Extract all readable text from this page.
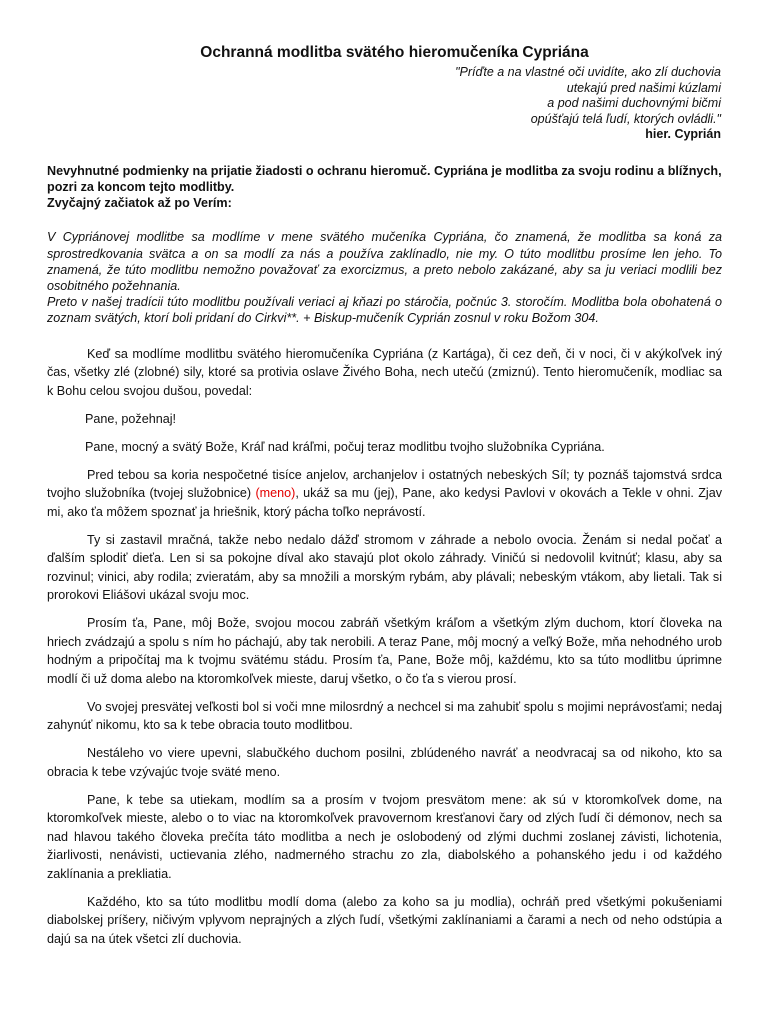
Ochranná modlitba svätého hieromučeníka Cypriána
"Príďte a na vlastné oči uvidíte, ako zlí duchovia
utekajú pred našimi kúzlami
a pod našimi duchovnými bičmi
opúšťajú telá ľudí, ktorých ovládli."
hier. Cyprián
Nevyhnutné podmienky na prijatie žiadosti o ochranu hieromuč. Cypriána je modlitba za svoju rodinu a blížnych, pozri za koncom tejto modlitby.
Zvyčajný začiatok až po Verím:

V Cypriánovej modlitbe sa modlíme v mene svätého mučeníka Cypriána, čo znamená, že modlitba sa koná za sprostredkovania svätca a on sa modlí za nás a používa zaklínadlo, nie my. O túto modlitbu prosíme len jeho. To znamená, že túto modlitbu nemožno považovať za exorcizmus, a preto nebolo zakázané, aby sa ju veriaci modlili bez osobitného požehnania.

Preto v našej tradícii túto modlitbu používali veriaci aj kňazi po stáročia, počnúc 3. storočím. Modlitba bola obohatená o zoznam svätých, ktorí boli pridaní do Cirkvi**. + Biskup-mučeník Cyprián zosnul v roku Božom 304.

Keď sa modlíme modlitbu svätého hieromučeníka Cypriána (z Kartága), či cez deň, či v noci, či v akýkoľvek iný čas, všetky zlé (zlobné) sily, ktoré sa protivia oslave Živého Boha, nech utečú (zmiznú). Tento hieromučeník, modliac sa k Bohu celou svojou dušou, povedal:

Pane, požehnaj!

Pane, mocný a svätý Bože, Kráľ nad kráľmi, počuj teraz modlitbu tvojho služobníka Cypriána.

Pred tebou sa koria nespočetné tisíce anjelov, archanjelov i ostatných nebeských Síl; ty poznáš tajomstvá srdca tvojho služobníka (tvojej služobnice) (meno), ukáž sa mu (jej), Pane, ako kedysi Pavlovi v okovách a Tekle v ohni. Zjav mi, ako ťa môžem spoznať ja hriešnik, ktorý pácha toľko neprávostí.

Ty si zastavil mračná, takže nebo nedalo dážď stromom v záhrade a nebolo ovocia. Ženám si nedal počať a ďalším splodiť dieťa. Len si sa pokojne díval ako stavajú plot okolo záhrady. Viničú si nedovolil kvitnúť; klasu, aby sa rozvinul; vinici, aby rodila; zvieratám, aby sa množili a morským rybám, aby plávali; nebeským vtákom, aby lietali. Tak si prorokovi Eliášovi ukázal svoju moc.

Prosím ťa, Pane, môj Bože, svojou mocou zabráň všetkým kráľom a všetkým zlým duchom, ktorí človeka na hriech zvádzajú a spolu s ním ho páchajú, aby tak nerobili. A teraz Pane, môj mocný a veľký Bože, mňa nehodného urob hodným a pripočítaj ma k tvojmu svätému stádu. Prosím ťa, Pane, Bože môj, každému, kto sa túto modlitbu úprimne modlí či už doma alebo na ktoromkoľvek mieste, daruj všetko, o čo ťa s vierou prosí.

Vo svojej presvätej veľkosti bol si voči mne milosrdný a nechcel si ma zahubiť spolu s mojimi neprávosťami; nedaj zahynúť nikomu, kto sa k tebe obracia touto modlitbou.

Nestáleho vo viere upevni, slabučkého duchom posilni, zblúdeného navráť a neodvracaj sa od nikoho, kto sa obracia k tebe vzývajúc tvoje sväté meno.

Pane, k tebe sa utiekam, modlím sa a prosím v tvojom presvätom mene: ak sú v ktoromkoľvek dome, na ktoromkoľvek mieste, alebo o to viac na ktoromkoľvek pravovernom kresťanovi čary od zlých ľudí či démonov, nech sa nad hlavou takého človeka prečíta táto modlitba a nech je oslobodený od zlými duchmi zoslanej závisti, lichotenia, žiarlivosti, nenávisti, uctievania zlého, nadmerného strachu zo zla, diabolského a pohanského jedu i od každého zaklínania a prekliatia.

Každého, kto sa túto modlitbu modlí doma (alebo za koho sa ju modlia), ochráň pred všetkými pokušeniami diabolskej príšery, ničivým vplyvom neprajných a zlých ľudí, všetkými zaklínaniami a čarami a nech od neho odstúpia a dajú sa na útek všetci zlí duchovia.
